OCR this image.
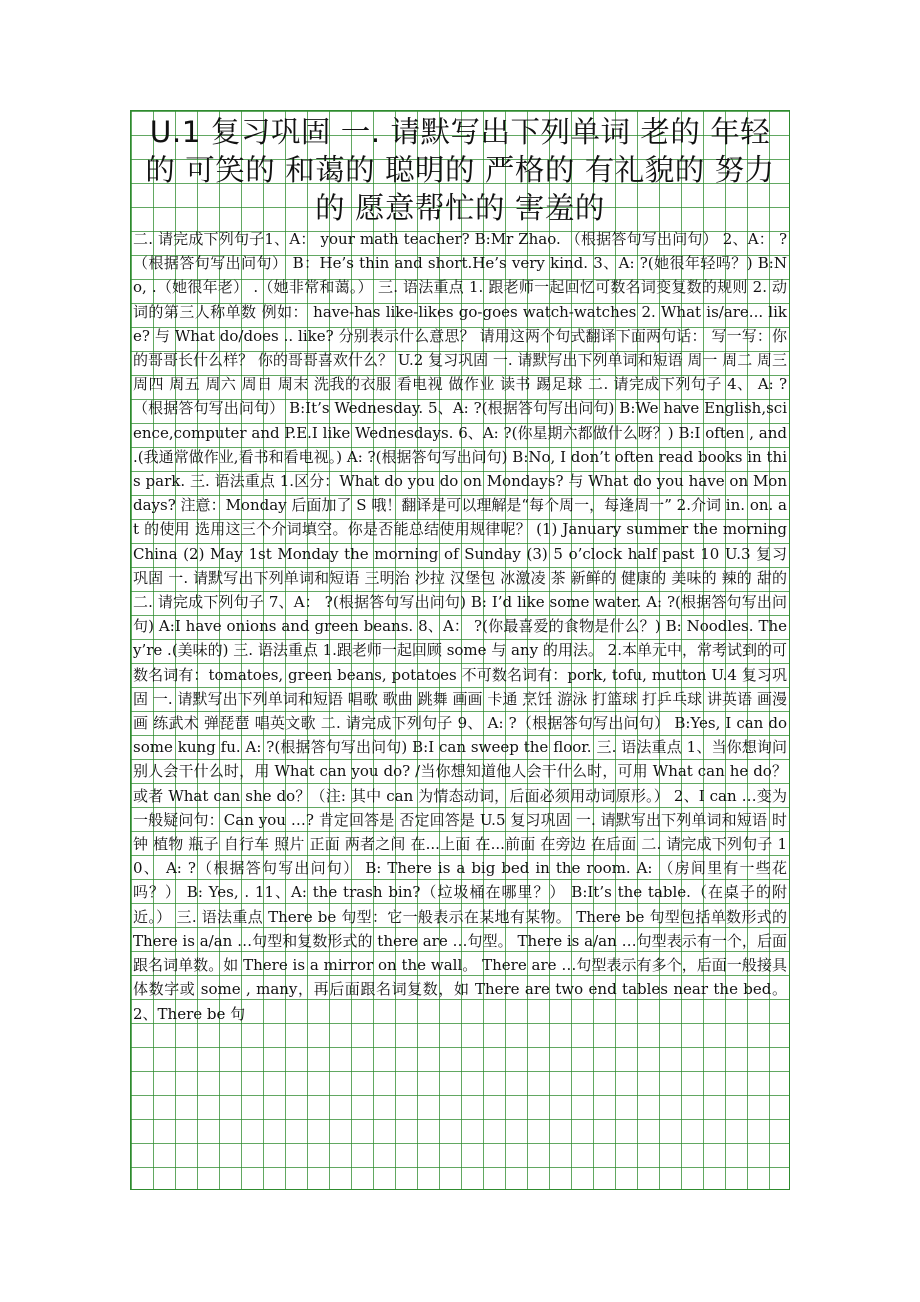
U.1 复习巩固 一. 请默写出下列单词 老的 年轻的 可笑的 和蔼的 聪明的 严格的 有礼貌的 努力的 愿意帮忙的 害羞的

二. 请完成下列句子1、A： your math teacher? B:Mr Zhao. （根据答句写出问句） 2、A： ?（根据答句写出问句） B：He’s thin and short.He’s very kind. 3、A: ?(她很年轻吗？) B:No, .（她很年老） .（她非常和蔼。） 三. 语法重点 1. 跟老师一起回忆可数名词变复数的规则 2. 动词的第三人称单数 例如： have-has like-likes go-goes watch-watches 2. What is/are... like? 与 What do/does .. like? 分别表示什么意思？ 请用这两个句式翻译下面两句话： 写一写：你的哥哥长什么样？ 你的哥哥喜欢什么？ U.2 复习巩固 一. 请默写出下列单词和短语 周一 周二 周三 周四 周五 周六 周日 周末 洗我的衣服 看电视 做作业 读书 踢足球 二. 请完成下列句子 4、 A: ?（根据答句写出问句） B:It’s Wednesday. 5、A: ?(根据答句写出问句) B:We have English,science,computer and P.E.I like Wednesdays. 6、A: ?(你星期六都做什么呀？) B:I often , and .(我通常做作业,看书和看电视。) A: ?(根据答句写出问句) B:No, I don’t often read books in this park. 三. 语法重点 1.区分：What do you do on Mondays? 与 What do you have on Mondays? 注意：Monday 后面加了 S 哦！翻译是可以理解是“每个周一，每逢周一” 2.介词 in. on. at 的使用 选用这三个介词填空。你是否能总结使用规律呢？ (1) January summer the morning China (2) May 1st Monday the morning of Sunday (3) 5 o’clock half past 10 U.3 复习巩固 一. 请默写出下列单词和短语 三明治 沙拉 汉堡包 冰激凌 茶 新鲜的 健康的 美味的 辣的 甜的 二. 请完成下列句子 7、A： ?(根据答句写出问句) B: I’d like some water. A: ?(根据答句写出问句) A:I have onions and green beans. 8、A： ?(你最喜爱的食物是什么？) B: Noodles. They’re .(美味的) 三. 语法重点 1.跟老师一起回顾 some 与 any 的用法。 2.本单元中，常考试到的可数名词有：tomatoes, green beans, potatoes 不可数名词有：pork, tofu, mutton U.4 复习巩固 一. 请默写出下列单词和短语 唱歌 歌曲 跳舞 画画 卡通 烹饪 游泳 打篮球 打乒乓球 讲英语 画漫画 练武术 弹琵琶 唱英文歌 二. 请完成下列句子 9、 A: ?（根据答句写出问句） B:Yes, I can do some kung fu. A: ?(根据答句写出问句) B:I can sweep the floor. 三. 语法重点 1、当你想询问别人会干什么时，用 What can you do? /当你想知道他人会干什么时，可用 What can he do？或者 What can she do？（注: 其中 can 为情态动词，后面必须用动词原形。） 2、I can …变为一般疑问句：Can you …? 肯定回答是 否定回答是 U.5 复习巩固 一. 请默写出下列单词和短语 时钟 植物 瓶子 自行车 照片 正面 两者之间 在...上面 在...前面 在旁边 在后面 二. 请完成下列句子 10、 A: ?（根据答句写出问句） B: There is a big bed in the room. A: （房间里有一些花吗？） B: Yes, . 11、A: the trash bin?（垃圾桶在哪里？） B:It’s the table.（在桌子的附近。） 三. 语法重点 There be 句型：它一般表示在某地有某物。 There be 句型包括单数形式的 There is a/an …句型和复数形式的 there are …句型。 There is a/an …句型表示有一个，后面跟名词单数。如 There is a mirror on the wall。 There are …句型表示有多个，后面一般接具体数字或 some , many，再后面跟名词复数，如 There are two end tables near the bed。 2、There be 句
